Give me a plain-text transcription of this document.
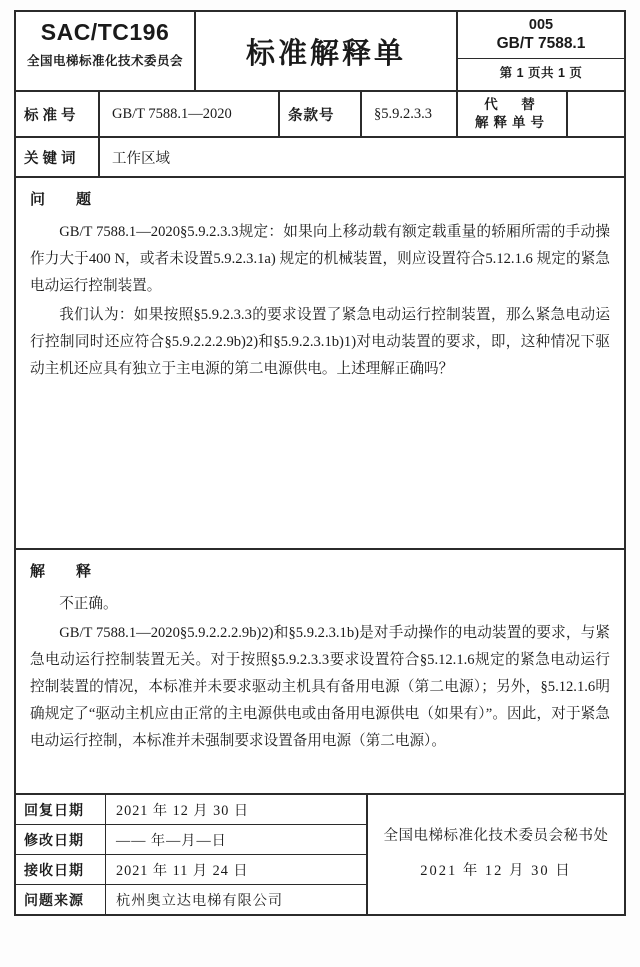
SAC/TC196
全国电梯标准化技术委员会 标准解释单
005
GB/T 7588.1
第 1 页共 1 页
标准号	GB/T 7588.1—2020	条款号	§5.9.2.3.3
代　替
解释单号
关键词	工作区域
问　题

GB/T 7588.1—2020§5.9.2.3.3规定：如果向上移动载有额定载重量的轿厢所需的手动操作力大于400 N，或者未设置5.9.2.3.1a) 规定的机械装置，则应设置符合5.12.1.6 规定的紧急电动运行控制装置。

我们认为：如果按照§5.9.2.3.3的要求设置了紧急电动运行控制装置，那么紧急电动运行控制同时还应符合§5.9.2.2.2.9b)2)和§5.9.2.3.1b)1)对电动装置的要求，即，这种情况下驱动主机还应具有独立于主电源的第二电源供电。上述理解正确吗？

解　释

不正确。

GB/T 7588.1—2020§5.9.2.2.2.9b)2)和§5.9.2.3.1b)是对手动操作的电动装置的要求，与紧急电动运行控制装置无关。对于按照§5.9.2.3.3要求设置符合§5.12.1.6规定的紧急电动运行控制装置的情况，本标准并未要求驱动主机具有备用电源（第二电源）；另外，§5.12.1.6明确规定了“驱动主机应由正常的主电源供电或由备用电源供电（如果有）”。因此，对于紧急电动运行控制，本标准并未强制要求设置备用电源（第二电源）。

回复日期	2021 年 12 月 30 日
修改日期	—— 年—月—日
接收日期	2021 年 11 月 24 日
问题来源	杭州奥立达电梯有限公司
全国电梯标准化技术委员会秘书处
2021 年 12 月 30 日
